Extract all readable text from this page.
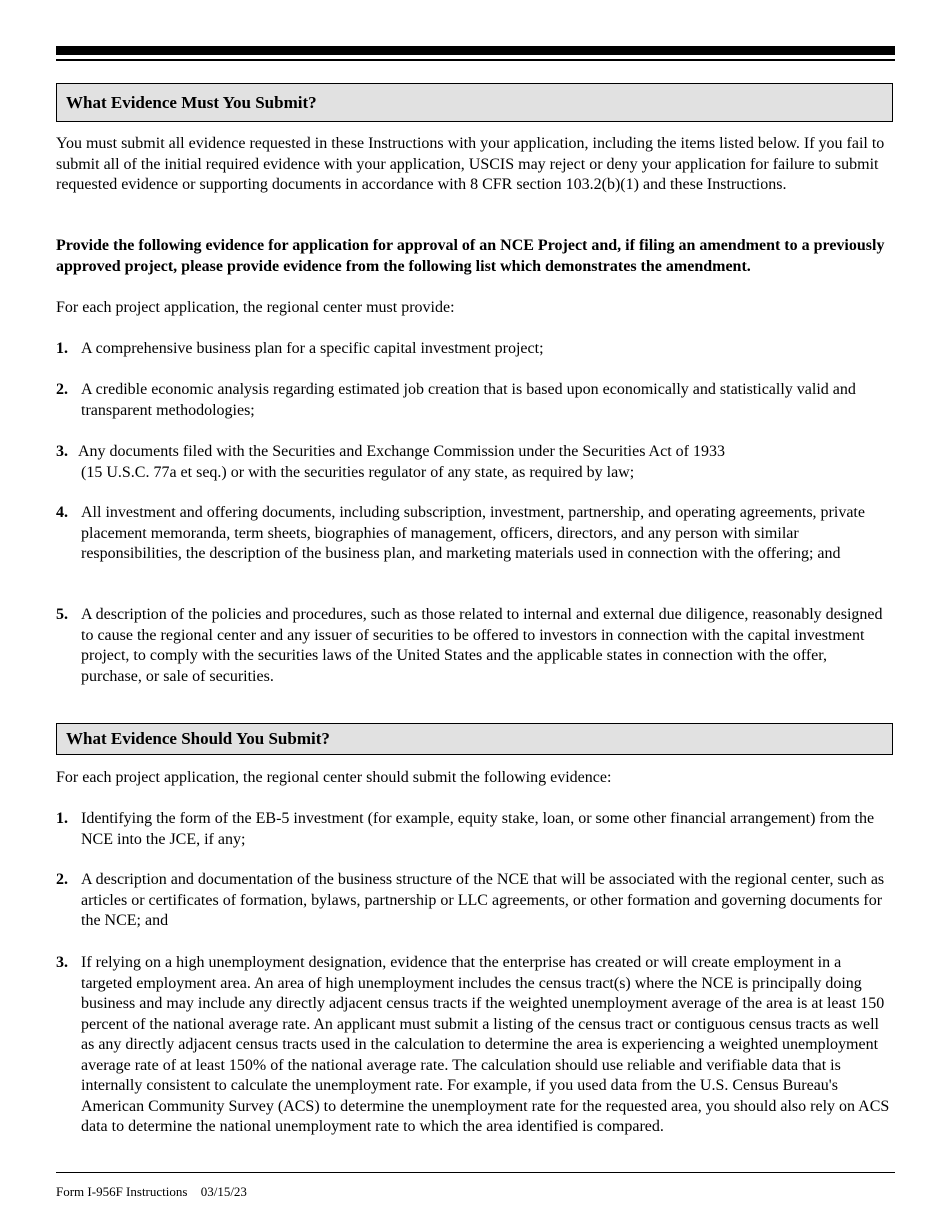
What Evidence Must You Submit?

You must submit all evidence requested in these Instructions with your application, including the items listed below. If you fail to submit all of the initial required evidence with your application, USCIS may reject or deny your application for failure to submit requested evidence or supporting documents in accordance with 8 CFR section 103.2(b)(1) and these Instructions.

Provide the following evidence for application for approval of an NCE Project and, if filing an amendment to a previously approved project, please provide evidence from the following list which demonstrates the amendment.

For each project application, the regional center must provide:

1. A comprehensive business plan for a specific capital investment project;
2. A credible economic analysis regarding estimated job creation that is based upon economically and statistically valid and transparent methodologies;
3. Any documents filed with the Securities and Exchange Commission under the Securities Act of 1933
(15 U.S.C. 77a et seq.) or with the securities regulator of any state, as required by law;
4. All investment and offering documents, including subscription, investment, partnership, and operating agreements, private placement memoranda, term sheets, biographies of management, officers, directors, and any person with similar responsibilities, the description of the business plan, and marketing materials used in connection with the offering; and
5. A description of the policies and procedures, such as those related to internal and external due diligence, reasonably designed to cause the regional center and any issuer of securities to be offered to investors in connection with the capital investment project, to comply with the securities laws of the United States and the applicable states in connection with the offer, purchase, or sale of securities.
What Evidence Should You Submit?

For each project application, the regional center should submit the following evidence:

1. Identifying the form of the EB-5 investment (for example, equity stake, loan, or some other financial arrangement) from the NCE into the JCE, if any;
2. A description and documentation of the business structure of the NCE that will be associated with the regional center, such as articles or certificates of formation, bylaws, partnership or LLC agreements, or other formation and governing documents for the NCE; and
3. If relying on a high unemployment designation, evidence that the enterprise has created or will create employment in a targeted employment area. An area of high unemployment includes the census tract(s) where the NCE is principally doing business and may include any directly adjacent census tracts if the weighted unemployment average of the area is at least 150 percent of the national average rate. An applicant must submit a listing of the census tract or contiguous census tracts as well as any directly adjacent census tracts used in the calculation to determine the area is experiencing a weighted unemployment average rate of at least 150% of the national average rate. The calculation should use reliable and verifiable data that is internally consistent to calculate the unemployment rate. For example, if you used data from the U.S. Census Bureau's American Community Survey (ACS) to determine the unemployment rate for the requested area, you should also rely on ACS data to determine the national unemployment rate to which the area identified is compared.
Form I-956F Instructions 03/15/23
